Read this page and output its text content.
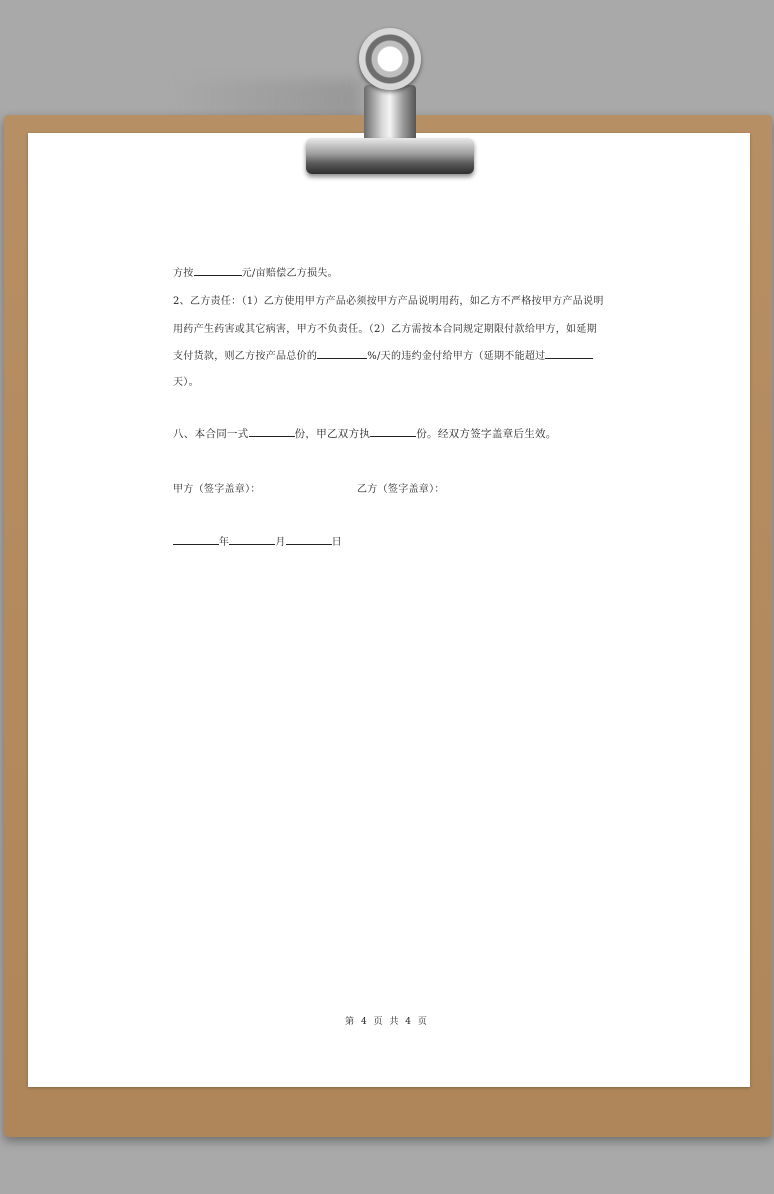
方按	元/亩赔偿乙方损失。
2、乙方责任：（1）乙方使用甲方产品必须按甲方产品说明用药，如乙方不严格按甲方产品说明
用药产生药害或其它病害，甲方不负责任。（2）乙方需按本合同规定期限付款给甲方，如延期
支付货款，则乙方按产品总价的	%/天的违约金付给甲方（延期不能超过
天）。
八、本合同一式	份，甲乙双方执	份。经双方签字盖章后生效。
甲方（签字盖章）：	乙方（签字盖章）：
年	月	日
第 4 页 共 4 页
